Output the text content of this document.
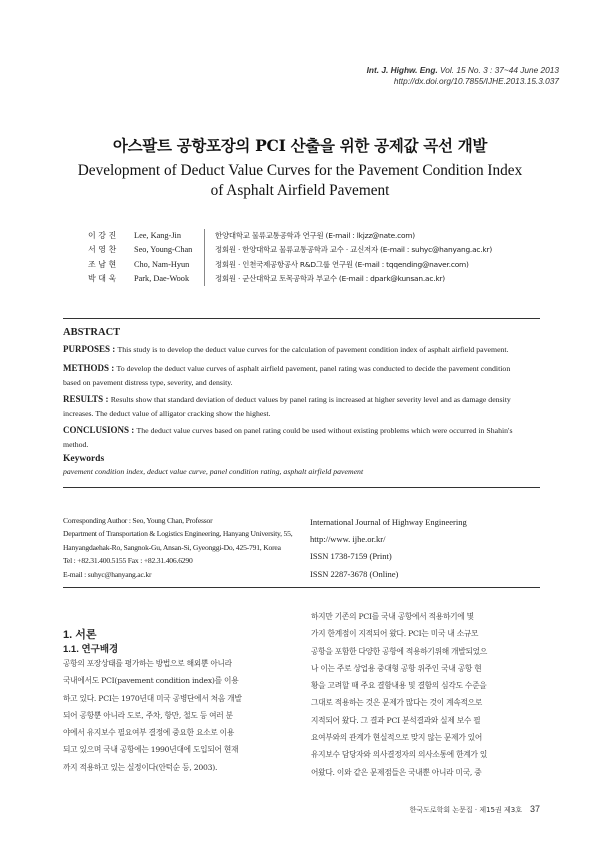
Int. J. Highw. Eng. Vol. 15 No. 3 : 37~44 June 2013
http://dx.doi.org/10.7855/IJHE.2013.15.3.037
아스팔트 공항포장의 PCI 산출을 위한 공제값 곡선 개발
Development of Deduct Value Curves for the Pavement Condition Index
of Asphalt Airfield Pavement
이 강 진	Lee, Kang-Jin	한양대학교 물류교통공학과 연구원 (E-mail : lkjzz@nate.com)
서 영 찬	Seo, Young-Chan	정회원 · 한양대학교 물류교통공학과 교수 · 교신저자 (E-mail : suhyc@hanyang.ac.kr)
조 남 현	Cho, Nam-Hyun	정회원 · 인천국제공항공사 R&D그룹 연구원 (E-mail : tqqending@naver.com)
박 대 욱	Park, Dae-Wook	정회원 · 군산대학교 토목공학과 부교수 (E-mail : dpark@kunsan.ac.kr)
ABSTRACT
PURPOSES : This study is to develop the deduct value curves for the calculation of pavement condition index of asphalt airfield pavement.
METHODS : To develop the deduct value curves of asphalt airfield pavement, panel rating was conducted to decide the pavement condition
based on pavement distress type, severity, and density.
RESULTS : Results show that standard deviation of deduct values by panel rating is increased at higher severity level and as damage density
increases. The deduct value of alligator cracking show the highest.
CONCLUSIONS : The deduct value curves based on panel rating could be used without existing problems which were occurred in Shahin's
method.
Keywords
pavement condition index, deduct value curve, panel condition rating, asphalt airfield pavement
Corresponding Author : Seo, Young Chan, Professor
Department of Transportation & Logistics Engineering, Hanyang University, 55,
Hanyangdaehak-Ro, Sangnok-Gu, Ansan-Si, Gyeonggi-Do, 425-791, Korea
Tel : +82.31.400.5155 Fax : +82.31.406.6290
E-mail : suhyc@hanyang.ac.kr
International Journal of Highway Engineering
http://www. ijhe.or.kr/
ISSN 1738-7159 (Print)
ISSN 2287-3678 (Online)
1. 서론
1.1. 연구배경
공항의 포장상태를 평가하는 방법으로 해외뿐 아니라
국내에서도 PCI(pavement condition index)를 이용
하고 있다. PCI는 1970년대 미국 공병단에서 처음 개발
되어 공항뿐 아니라 도로, 주차, 항만, 철도 등 여러 분
야에서 유지보수 필요여부 결정에 중요한 요소로 이용
되고 있으며 국내 공항에는 1990년대에 도입되어 현재
까지 적용하고 있는 실정이다(안턱순 등, 2003).
하지만 기존의 PCI를 국내 공항에서 적용하기에 몇
가지 한계점이 지적되어 왔다. PCI는 미국 내 소규모
공항을 포함한 다양한 공항에 적용하기위해 개발되었으
나 이는 주로 상업용 중대형 공항 위주인 국내 공항 현
황을 고려할 때 주요 결함내용 및 결함의 심각도 수준을
그대로 적용하는 것은 문제가 많다는 것이 계속적으로
지적되어 왔다. 그 결과 PCI 분석결과와 실제 보수 필
요여부와의 관계가 현실적으로 맞지 않는 문제가 있어
유지보수 담당자와 의사결정자의 의사소통에 한계가 있
어왔다. 이와 같은 문제점들은 국내뿐 아니라 미국, 중
한국도로학회 논문집 · 제15권 제3호 37
